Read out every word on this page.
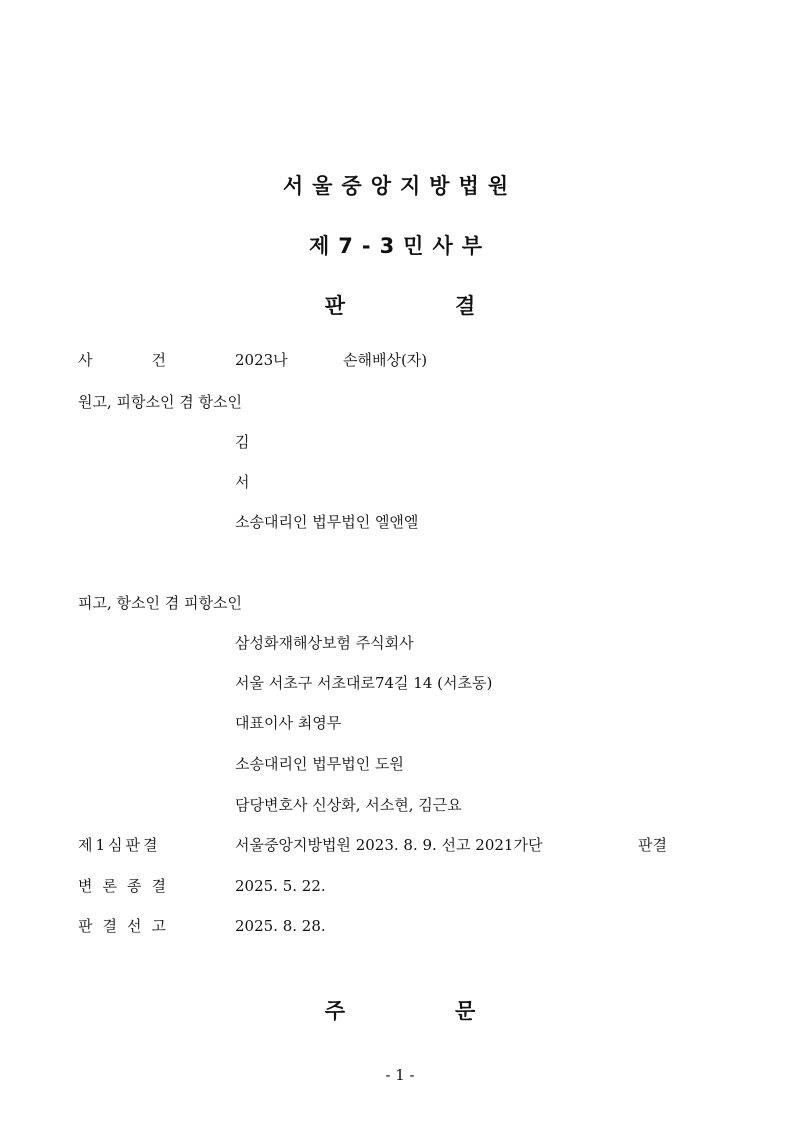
서울중앙지방법원
제7-3민사부
판	결
사	건	2023나	손해배상(자)
원고, 피항소인 겸 항소인
김
서
소송대리인 법무법인 엘앤엘
피고, 항소인 겸 피항소인
삼성화재해상보험 주식회사
서울 서초구 서초대로74길 14 (서초동)
대표이사 최영무
소송대리인 법무법인 도원
담당변호사 신상화, 서소현, 김근요
제1심판결	서울중앙지방법원 2023. 8. 9. 선고 2021가단	판결
변론종결	2025. 5. 22.
판결선고	2025. 8. 28.
주	문
- 1 -
